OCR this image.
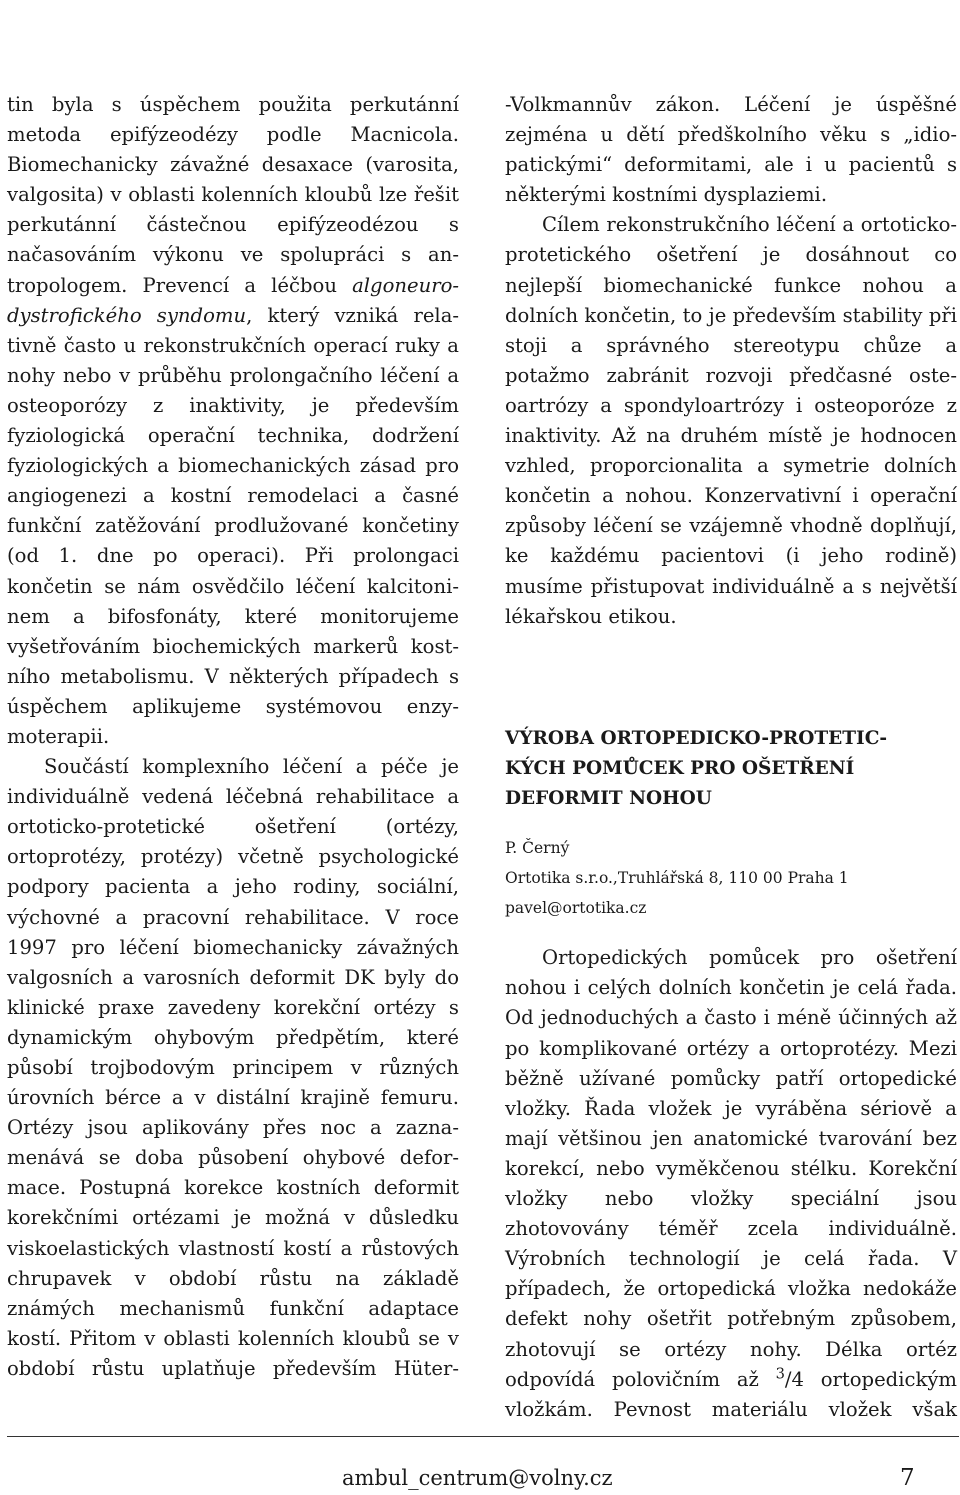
tin byla s úspěchem použita perkutánní metoda epifýzeodézy podle Macnicola. Biomechanicky závažné desaxace (varosita, valgosita) v oblasti kolenních kloubů lze řešit perkutánní částečnou epifýzeodézou s načasováním výkonu ve spolupráci s antropologem. Prevencí a léčbou algoneurodystrofického syndomu, který vzniká relativně často u rekonstrukčních operací ruky a nohy nebo v průběhu prolongačního léčení a osteoporózy z inaktivity, je především fyziologická operační technika, dodržení fyziologických a biomechanických zásad pro angiogenezi a kostní remodelaci a časné funkční zatěžování prodlužované končetiny (od 1. dne po operaci). Při prolongaci končetin se nám osvědčilo léčení kalcitoninem a bifosfonáty, které monitorujeme vyšetřováním biochemických markerů kostního metabolismu. V některých případech s úspěchem aplikujeme systémovou enzymoterapii.

Součástí komplexního léčení a péče je individuálně vedená léčebná rehabilitace a ortoticko-protetické ošetření (ortézy, ortoprotézy, protézy) včetně psychologické podpory pacienta a jeho rodiny, sociální, výchovné a pracovní rehabilitace. V roce 1997 pro léčení biomechanicky závažných valgosních a varosních deformit DK byly do klinické praxe zavedeny korekční ortézy s dynamickým ohybovým předpětím, které působí trojbodovým principem v různých úrovních bérce a v distální krajině femuru. Ortézy jsou aplikovány přes noc a zaznamenává se doba působení ohybové deformace. Postupná korekce kostních deformit korekčními ortézami je možná v důsledku viskoelastických vlastností kostí a růstových chrupavek v období růstu na základě známých mechanismů funkční adaptace kostí. Přitom v oblasti kolenních kloubů se v období růstu uplatňuje především Hüter-

-Volkmannův zákon. Léčení je úspěšné zejména u dětí předškolního věku s „idiopatickými“ deformitami, ale i u pacientů s některými kostními dysplaziemi.

Cílem rekonstrukčního léčení a ortoticko-protetického ošetření je dosáhnout co nejlepší biomechanické funkce nohou a dolních končetin, to je především stability při stoji a správného stereotypu chůze a potažmo zabránit rozvoji předčasné osteoartrózy a spondyloartrózy i osteoporóze z inaktivity. Až na druhém místě je hodnocen vzhled, proporcionalita a symetrie dolních končetin a nohou. Konzervativní i operační způsoby léčení se vzájemně vhodně doplňují, ke každému pacientovi (i jeho rodině) musíme přistupovat individuálně a s největší lékařskou etikou.

VÝROBA ORTOPEDICKO-PROTETIC-
KÝCH POMŮCEK PRO OŠETŘENÍ
DEFORMIT NOHOU
P. Černý
Ortotika s.r.o.,Truhlářská 8, 110 00 Praha 1
pavel@ortotika.cz

Ortopedických pomůcek pro ošetření nohou i celých dolních končetin je celá řada. Od jednoduchých a často i méně účinných až po komplikované ortézy a ortoprotézy. Mezi běžně užívané pomůcky patří ortopedické vložky. Řada vložek je vyráběna sériově a mají většinou jen anatomické tvarování bez korekcí, nebo vyměkčenou stélku. Korekční vložky nebo vložky speciální jsou zhotovovány téměř zcela individuálně. Výrobních technologií je celá řada. V případech, že ortopedická vložka nedokáže defekt nohy ošetřit potřebným způsobem, zhotovují se ortézy nohy. Délka ortéz odpovídá polovičním až $^3$/4 ortopedickým vložkám. Pevnost materiálu vložek však

ambul_centrum@volny.cz	7
